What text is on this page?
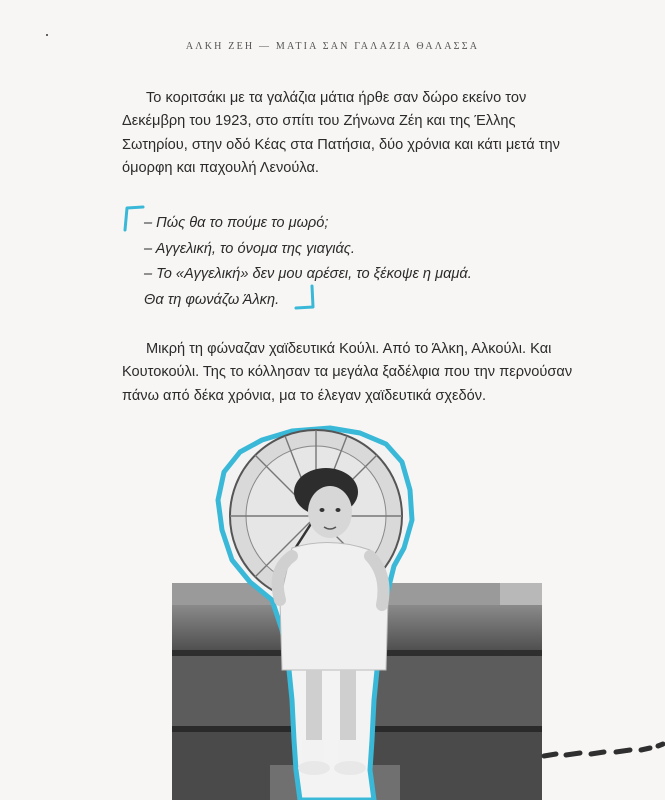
ΑΛΚΗ ΖΕΗ — ΜΑΤΙΑ ΣΑΝ ΓΑΛΑΖΙΑ ΘΑΛΑΣΣΑ

Το κοριτσάκι με τα γαλάζια μάτια ήρθε σαν δώρο εκείνο τον Δεκέμβρη του 1923, στο σπίτι του Ζήνωνα Ζέη και της Έλλης Σωτηρίου, στην οδό Κέας στα Πατήσια, δύο χρόνια και κάτι μετά την όμορφη και παχουλή Λενούλα.

– Πώς θα το πούμε το μωρό;
– Αγγελική, το όνομα της γιαγιάς.
– Το «Αγγελική» δεν μου αρέσει, το ξέκοψε η μαμά.
Θα τη φωνάζω Άλκη.

Μικρή τη φώναζαν χαϊδευτικά Κούλι. Από το Άλκη, Αλκούλι. Και Κουτοκούλι. Της το κόλλησαν τα μεγάλα ξαδέλφια που την περνούσαν πάνω από δέκα χρόνια, μα το έλεγαν χαϊδευτικά σχεδόν.
